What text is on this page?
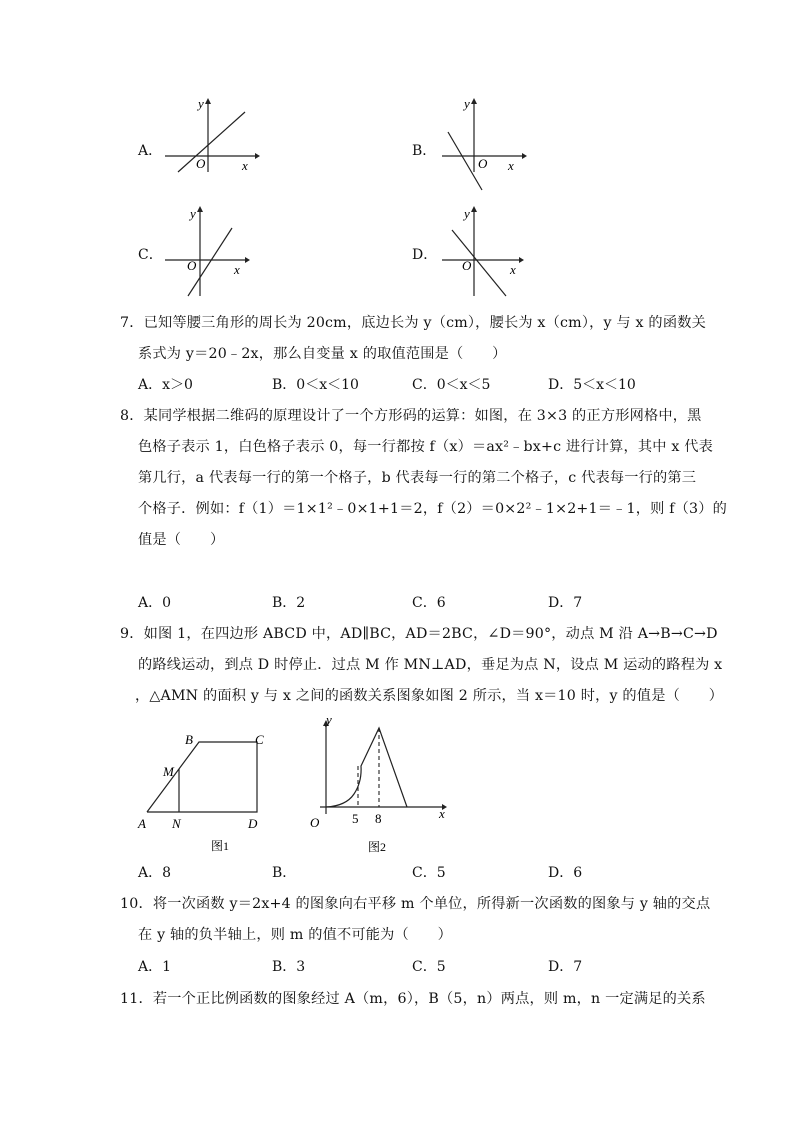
A．
y
x
O
B．
y
x
O
C．
y
x
O
D．
y
x
O
7．已知等腰三角形的周长为 20cm，底边长为 y（cm），腰长为 x（cm），y 与 x 的函数关
系式为 y＝20﹣2x，那么自变量 x 的取值范围是（　　）
A．x＞0	B．0＜x＜10	C．0＜x＜5	D．5＜x＜10
8．某同学根据二维码的原理设计了一个方形码的运算：如图，在 3×3 的正方形网格中，黑
色格子表示 1，白色格子表示 0，每一行都按 f（x）＝ax²﹣bx+c 进行计算，其中 x 代表
第几行，a 代表每一行的第一个格子，b 代表每一行的第二个格子，c 代表每一行的第三
个格子．例如：f（1）＝1×1²﹣0×1+1＝2，f（2）＝0×2²﹣1×2+1＝﹣1，则 f（3）的
值是（　　）
A．0	B．2	C．6	D．7
9．如图 1，在四边形 ABCD 中，AD∥BC，AD＝2BC，∠D＝90°，动点 M 沿 A→B→C→D
的路线运动，到点 D 时停止．过点 M 作 MN⊥AD，垂足为点 N，设点 M 运动的路程为 x
，△AMN 的面积 y 与 x 之间的函数关系图象如图 2 所示，当 x＝10 时，y 的值是（　　）
B	C
M
A N	D
图1
y
x
O	5 8
图2
A．8	B．	C．5	D．6
10．将一次函数 y＝2x+4 的图象向右平移 m 个单位，所得新一次函数的图象与 y 轴的交点
在 y 轴的负半轴上，则 m 的值不可能为（　　）
A．1	B．3	C．5	D．7
11．若一个正比例函数的图象经过 A（m，6），B（5，n）两点，则 m，n 一定满足的关系
